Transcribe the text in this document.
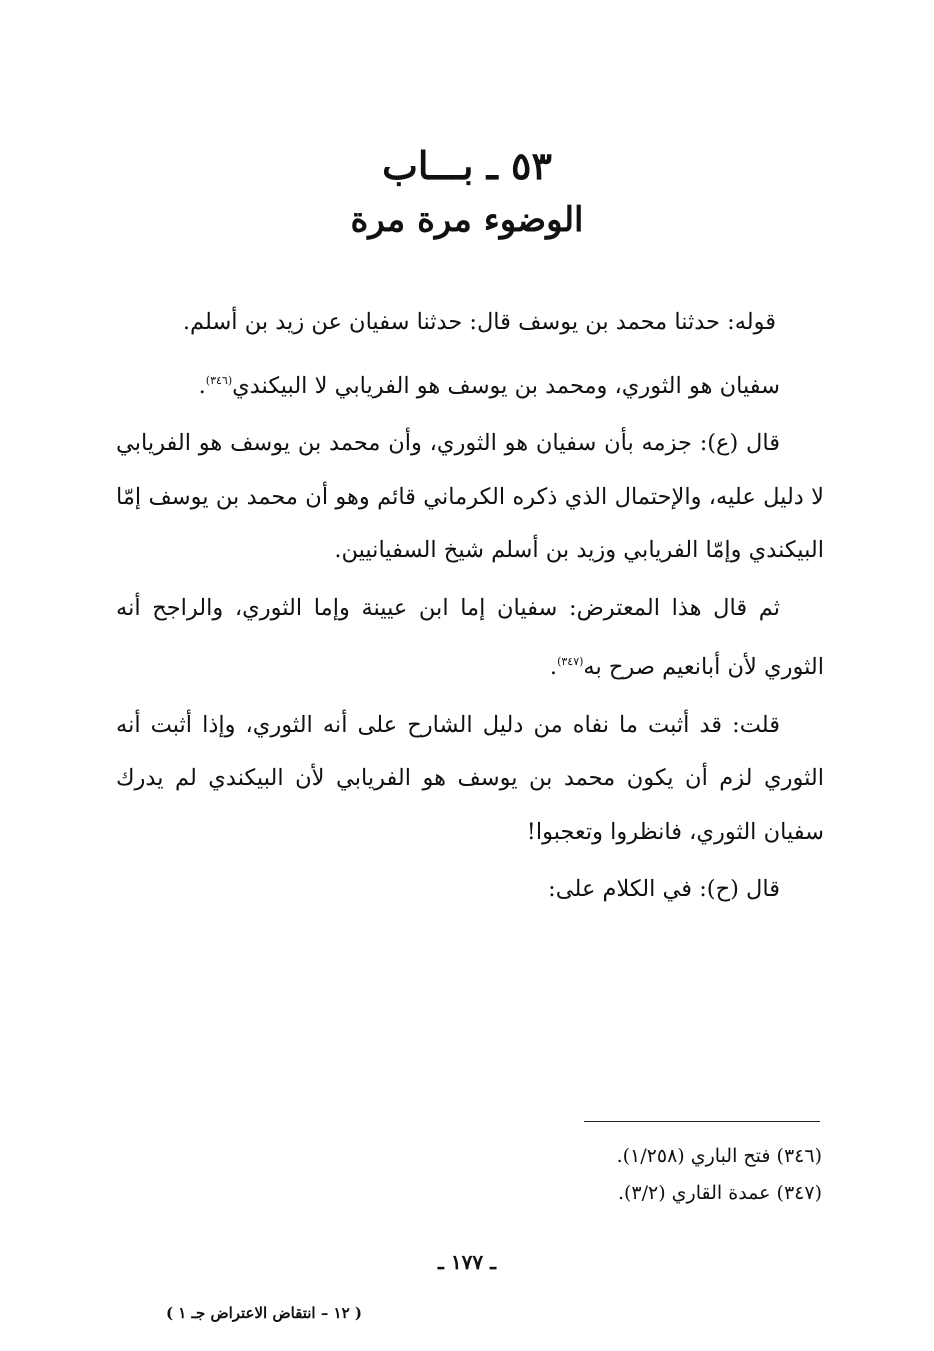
٥٣ ـ بـــاب
الوضوء مرة مرة

قوله: حدثنا محمد بن يوسف قال: حدثنا سفيان عن زيد بن أسلم.

سفيان هو الثوري، ومحمد بن يوسف هو الفريابي لا البيكندي$^{(٣٤٦)}$.

قال (ع): جزمه بأن سفيان هو الثوري، وأن محمد بن يوسف هو الفريابي لا دليل عليه، والإحتمال الذي ذكره الكرماني قائم وهو أن محمد بن يوسف إمّا البيكندي وإمّا الفريابي وزيد بن أسلم شيخ السفيانيين.

ثم قال هذا المعترض: سفيان إما ابن عيينة وإما الثوري، والراجح أنه الثوري لأن أبانعيم صرح به$^{(٣٤٧)}$.

قلت: قد أثبت ما نفاه من دليل الشارح على أنه الثوري، وإذا أثبت أنه الثوري لزم أن يكون محمد بن يوسف هو الفريابي لأن البيكندي لم يدرك سفيان الثوري، فانظروا وتعجبوا!

قال (ح): في الكلام على:

(٣٤٦) فتح الباري (١/٢٥٨).
(٣٤٧) عمدة القاري (٣/٢).
ـ ١٧٧ ـ
( ١٢ – انتقاض الاعتراض جـ ١ )
